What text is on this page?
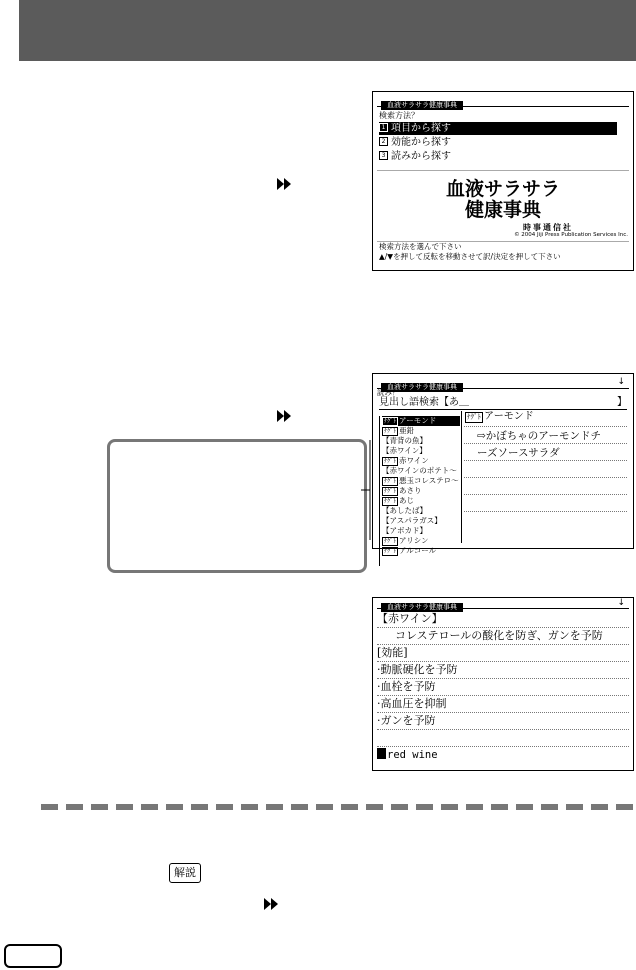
血液サラサラ健康事典
検索方法？
1 項目から探す
2 効能から探す
3 読みから探す
血液サラサラ
健康事典
時事通信社
© 2004 Jiji Press Publication Services Inc.
検索方法を選んで下さい
▲/▼を押して反転を移動させて訳/決定を押して下さい
血液サラサラ健康事典	↓
読み？
見出し語検索【あ＿	】
ﾅｸﾞﾄ アーモンド
ﾅｸﾞﾄ 亜鉛
【青背の魚】
【赤ワイン】
ﾅｸﾞﾄ 赤ワイン
【赤ワインのポテト〜
ﾅｸﾞﾄ 悪玉コレステロ〜
ﾅｸﾞﾄ あさり
ﾅｸﾞﾄ あじ
【あしたば】
【アスパラガス】
【アボカド】
ﾅｸﾞﾄ アリシン
ﾅｸﾞﾄ アルコール
ﾅｸﾞﾄ アーモンド
⇨かぼちゃのアーモンドチ
ーズソースサラダ
血液サラサラ健康事典	↓
【赤ワイン】
コレステロールの酸化を防ぎ、ガンを予防
[効能]
·動脈硬化を予防
·血栓を予防
·高血圧を抑制
·ガンを予防
red wine
解説
